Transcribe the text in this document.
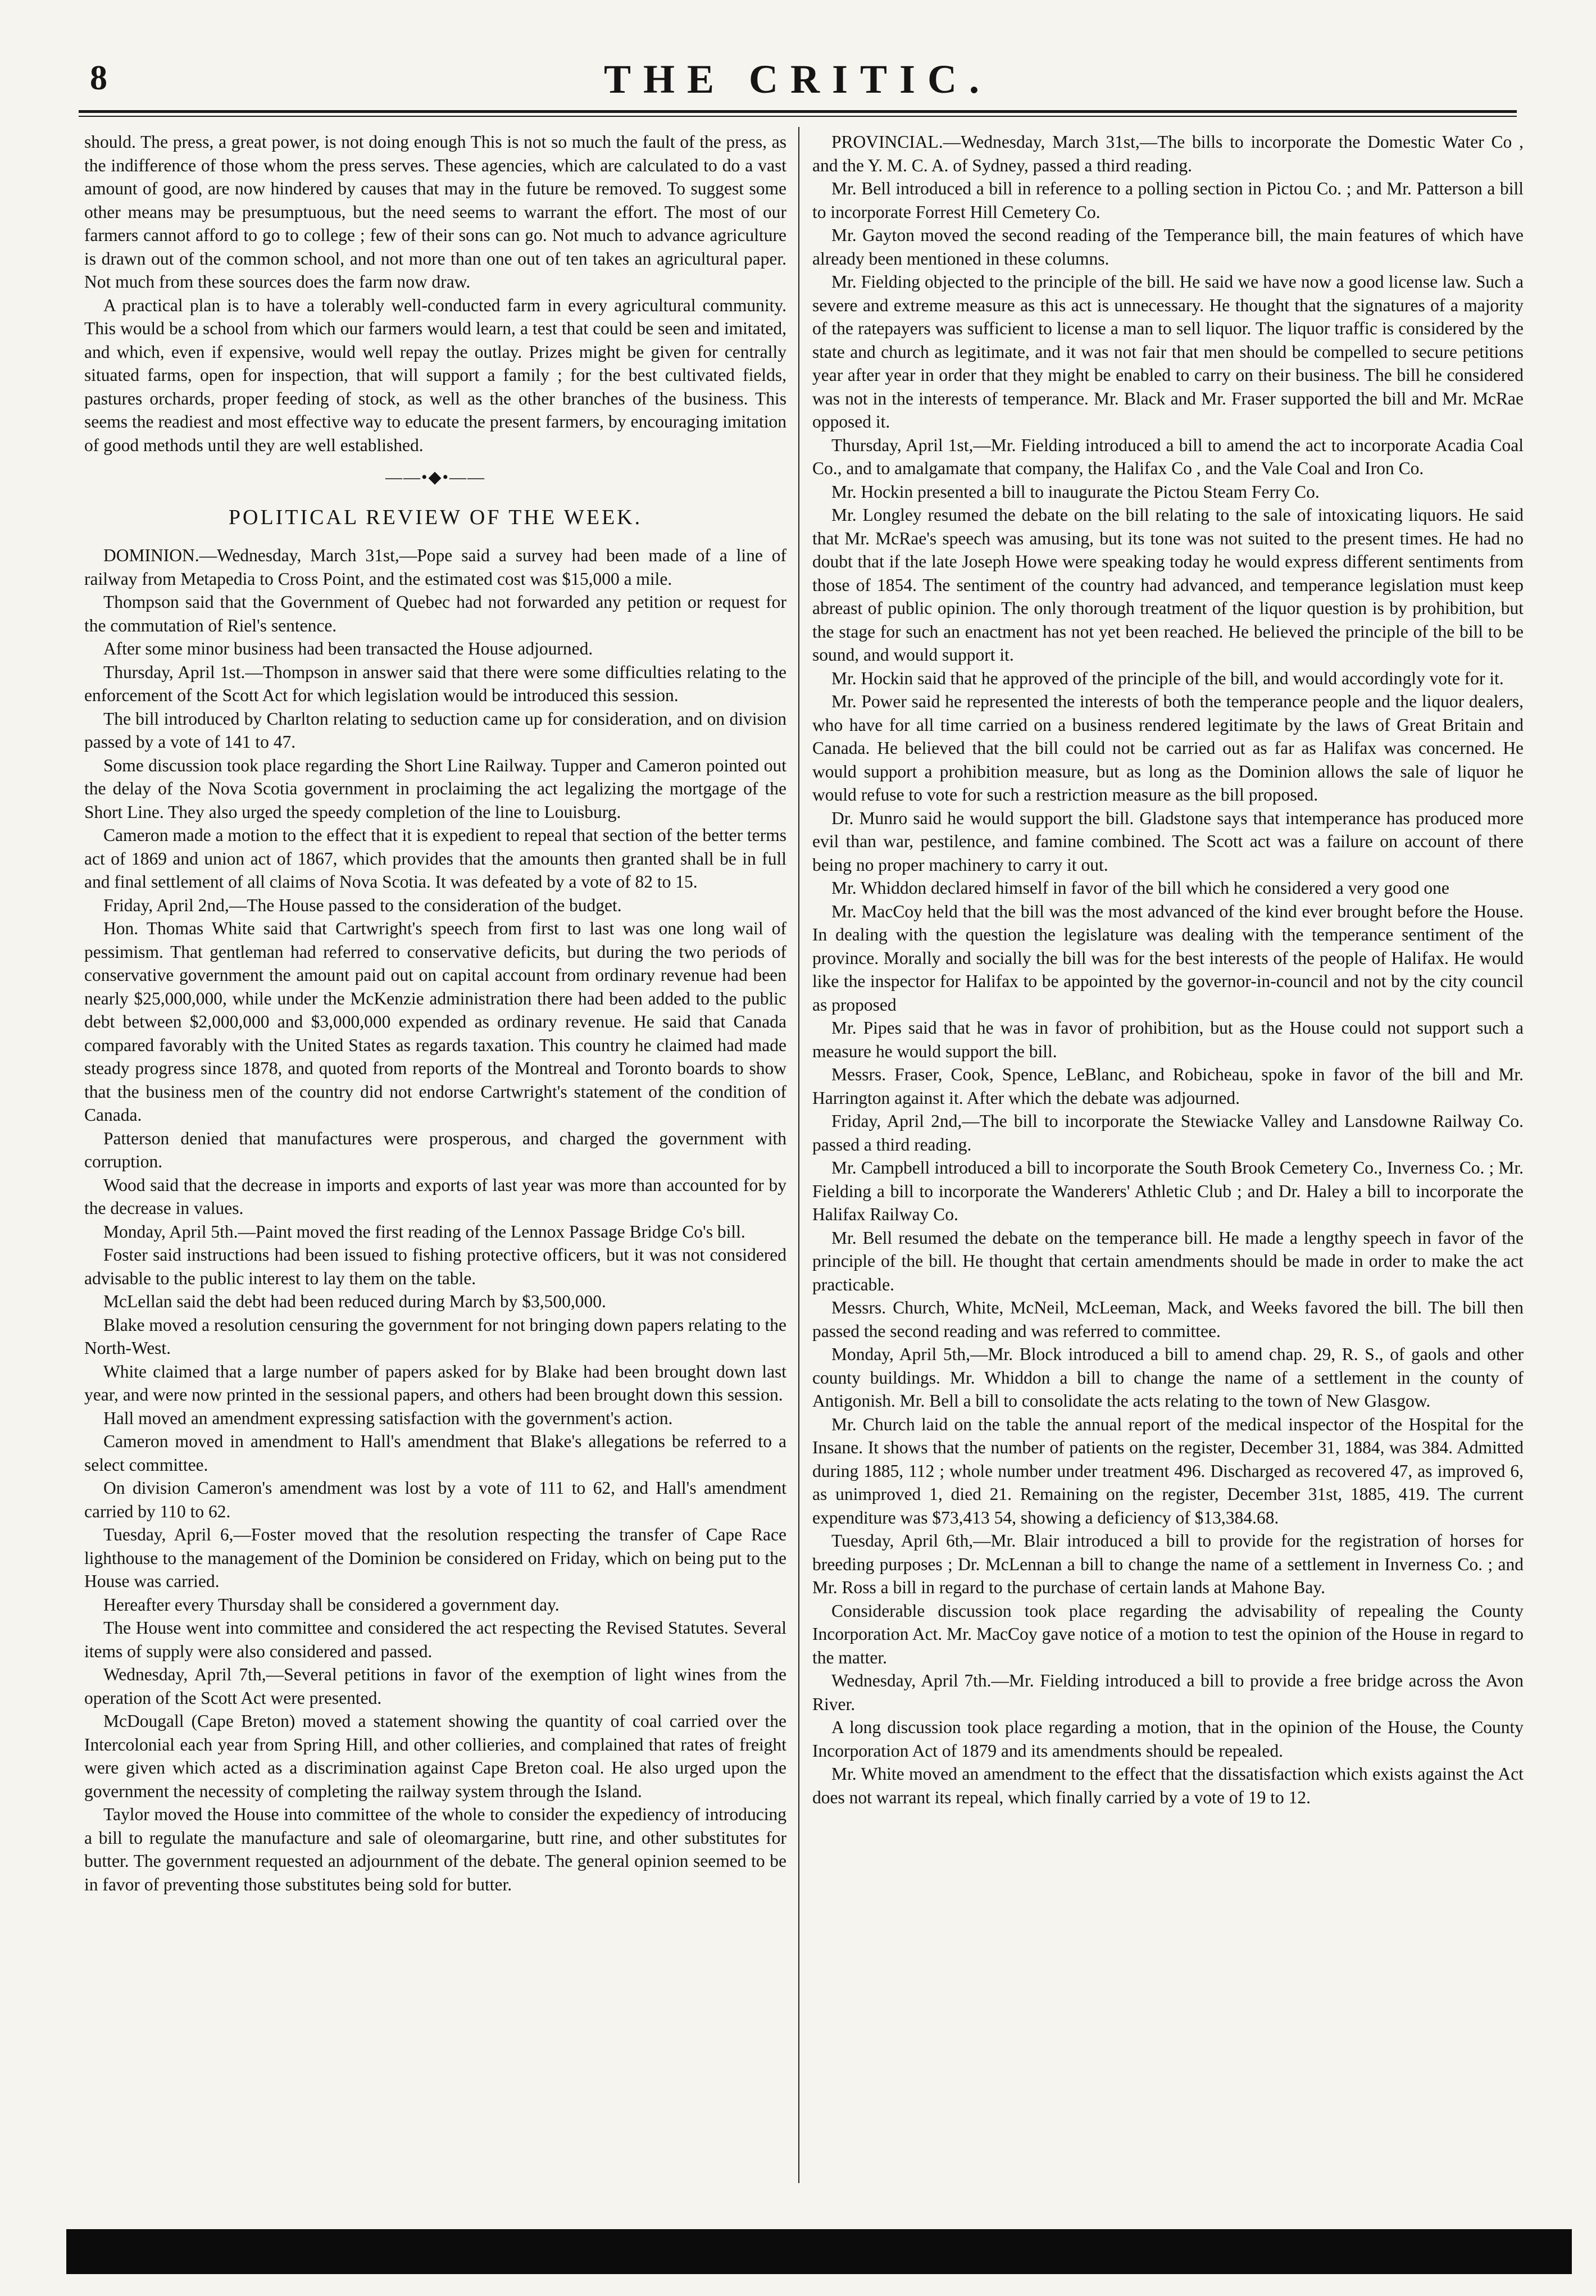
8	THE CRITIC.

should. The press, a great power, is not doing enough This is not so much the fault of the press, as the indifference of those whom the press serves. These agencies, which are calculated to do a vast amount of good, are now hindered by causes that may in the future be removed. To suggest some other means may be presumptuous, but the need seems to warrant the effort. The most of our farmers cannot afford to go to college ; few of their sons can go. Not much to advance agriculture is drawn out of the common school, and not more than one out of ten takes an agricultural paper. Not much from these sources does the farm now draw.

A practical plan is to have a tolerably well-conducted farm in every agricultural community. This would be a school from which our farmers would learn, a test that could be seen and imitated, and which, even if expensive, would well repay the outlay. Prizes might be given for centrally situated farms, open for inspection, that will support a family ; for the best cultivated fields, pastures orchards, proper feeding of stock, as well as the other branches of the business. This seems the readiest and most effective way to educate the present farmers, by encouraging imitation of good methods until they are well established.

——•◆•——
POLITICAL REVIEW OF THE WEEK.

DOMINION.—Wednesday, March 31st,—Pope said a survey had been made of a line of railway from Metapedia to Cross Point, and the estimated cost was $15,000 a mile.

Thompson said that the Government of Quebec had not forwarded any petition or request for the commutation of Riel's sentence.

After some minor business had been transacted the House adjourned.

Thursday, April 1st.—Thompson in answer said that there were some difficulties relating to the enforcement of the Scott Act for which legislation would be introduced this session.

The bill introduced by Charlton relating to seduction came up for consideration, and on division passed by a vote of 141 to 47.

Some discussion took place regarding the Short Line Railway. Tupper and Cameron pointed out the delay of the Nova Scotia government in proclaiming the act legalizing the mortgage of the Short Line. They also urged the speedy completion of the line to Louisburg.

Cameron made a motion to the effect that it is expedient to repeal that section of the better terms act of 1869 and union act of 1867, which provides that the amounts then granted shall be in full and final settlement of all claims of Nova Scotia. It was defeated by a vote of 82 to 15.

Friday, April 2nd,—The House passed to the consideration of the budget.

Hon. Thomas White said that Cartwright's speech from first to last was one long wail of pessimism. That gentleman had referred to conservative deficits, but during the two periods of conservative government the amount paid out on capital account from ordinary revenue had been nearly $25,000,000, while under the McKenzie administration there had been added to the public debt between $2,000,000 and $3,000,000 expended as ordinary revenue. He said that Canada compared favorably with the United States as regards taxation. This country he claimed had made steady progress since 1878, and quoted from reports of the Montreal and Toronto boards to show that the business men of the country did not endorse Cartwright's statement of the condition of Canada.

Patterson denied that manufactures were prosperous, and charged the government with corruption.

Wood said that the decrease in imports and exports of last year was more than accounted for by the decrease in values.

Monday, April 5th.—Paint moved the first reading of the Lennox Passage Bridge Co's bill.

Foster said instructions had been issued to fishing protective officers, but it was not considered advisable to the public interest to lay them on the table.

McLellan said the debt had been reduced during March by $3,500,000.

Blake moved a resolution censuring the government for not bringing down papers relating to the North-West.

White claimed that a large number of papers asked for by Blake had been brought down last year, and were now printed in the sessional papers, and others had been brought down this session.

Hall moved an amendment expressing satisfaction with the government's action.

Cameron moved in amendment to Hall's amendment that Blake's allegations be referred to a select committee.

On division Cameron's amendment was lost by a vote of 111 to 62, and Hall's amendment carried by 110 to 62.

Tuesday, April 6,—Foster moved that the resolution respecting the transfer of Cape Race lighthouse to the management of the Dominion be considered on Friday, which on being put to the House was carried.

Hereafter every Thursday shall be considered a government day.

The House went into committee and considered the act respecting the Revised Statutes. Several items of supply were also considered and passed.

Wednesday, April 7th,—Several petitions in favor of the exemption of light wines from the operation of the Scott Act were presented.

McDougall (Cape Breton) moved a statement showing the quantity of coal carried over the Intercolonial each year from Spring Hill, and other collieries, and complained that rates of freight were given which acted as a discrimination against Cape Breton coal. He also urged upon the government the necessity of completing the railway system through the Island.

Taylor moved the House into committee of the whole to consider the expediency of introducing a bill to regulate the manufacture and sale of oleomargarine, butt rine, and other substitutes for butter. The government requested an adjournment of the debate. The general opinion seemed to be in favor of preventing those substitutes being sold for butter.

PROVINCIAL.—Wednesday, March 31st,—The bills to incorporate the Domestic Water Co , and the Y. M. C. A. of Sydney, passed a third reading.

Mr. Bell introduced a bill in reference to a polling section in Pictou Co. ; and Mr. Patterson a bill to incorporate Forrest Hill Cemetery Co.

Mr. Gayton moved the second reading of the Temperance bill, the main features of which have already been mentioned in these columns.

Mr. Fielding objected to the principle of the bill. He said we have now a good license law. Such a severe and extreme measure as this act is unnecessary. He thought that the signatures of a majority of the ratepayers was sufficient to license a man to sell liquor. The liquor traffic is considered by the state and church as legitimate, and it was not fair that men should be compelled to secure petitions year after year in order that they might be enabled to carry on their business. The bill he considered was not in the interests of temperance. Mr. Black and Mr. Fraser supported the bill and Mr. McRae opposed it.

Thursday, April 1st,—Mr. Fielding introduced a bill to amend the act to incorporate Acadia Coal Co., and to amalgamate that company, the Halifax Co , and the Vale Coal and Iron Co.

Mr. Hockin presented a bill to inaugurate the Pictou Steam Ferry Co.

Mr. Longley resumed the debate on the bill relating to the sale of intoxicating liquors. He said that Mr. McRae's speech was amusing, but its tone was not suited to the present times. He had no doubt that if the late Joseph Howe were speaking today he would express different sentiments from those of 1854. The sentiment of the country had advanced, and temperance legislation must keep abreast of public opinion. The only thorough treatment of the liquor question is by prohibition, but the stage for such an enactment has not yet been reached. He believed the principle of the bill to be sound, and would support it.

Mr. Hockin said that he approved of the principle of the bill, and would accordingly vote for it.

Mr. Power said he represented the interests of both the temperance people and the liquor dealers, who have for all time carried on a business rendered legitimate by the laws of Great Britain and Canada. He believed that the bill could not be carried out as far as Halifax was concerned. He would support a prohibition measure, but as long as the Dominion allows the sale of liquor he would refuse to vote for such a restriction measure as the bill proposed.

Dr. Munro said he would support the bill. Gladstone says that intemperance has produced more evil than war, pestilence, and famine combined. The Scott act was a failure on account of there being no proper machinery to carry it out.

Mr. Whiddon declared himself in favor of the bill which he considered a very good one

Mr. MacCoy held that the bill was the most advanced of the kind ever brought before the House. In dealing with the question the legislature was dealing with the temperance sentiment of the province. Morally and socially the bill was for the best interests of the people of Halifax. He would like the inspector for Halifax to be appointed by the governor-in-council and not by the city council as proposed

Mr. Pipes said that he was in favor of prohibition, but as the House could not support such a measure he would support the bill.

Messrs. Fraser, Cook, Spence, LeBlanc, and Robicheau, spoke in favor of the bill and Mr. Harrington against it. After which the debate was adjourned.

Friday, April 2nd,—The bill to incorporate the Stewiacke Valley and Lansdowne Railway Co. passed a third reading.

Mr. Campbell introduced a bill to incorporate the South Brook Cemetery Co., Inverness Co. ; Mr. Fielding a bill to incorporate the Wanderers' Athletic Club ; and Dr. Haley a bill to incorporate the Halifax Railway Co.

Mr. Bell resumed the debate on the temperance bill. He made a lengthy speech in favor of the principle of the bill. He thought that certain amendments should be made in order to make the act practicable.

Messrs. Church, White, McNeil, McLeeman, Mack, and Weeks favored the bill. The bill then passed the second reading and was referred to committee.

Monday, April 5th,—Mr. Block introduced a bill to amend chap. 29, R. S., of gaols and other county buildings. Mr. Whiddon a bill to change the name of a settlement in the county of Antigonish. Mr. Bell a bill to consolidate the acts relating to the town of New Glasgow.

Mr. Church laid on the table the annual report of the medical inspector of the Hospital for the Insane. It shows that the number of patients on the register, December 31, 1884, was 384. Admitted during 1885, 112 ; whole number under treatment 496. Discharged as recovered 47, as improved 6, as unimproved 1, died 21. Remaining on the register, December 31st, 1885, 419. The current expenditure was $73,413 54, showing a deficiency of $13,384.68.

Tuesday, April 6th,—Mr. Blair introduced a bill to provide for the registration of horses for breeding purposes ; Dr. McLennan a bill to change the name of a settlement in Inverness Co. ; and Mr. Ross a bill in regard to the purchase of certain lands at Mahone Bay.

Considerable discussion took place regarding the advisability of repealing the County Incorporation Act. Mr. MacCoy gave notice of a motion to test the opinion of the House in regard to the matter.

Wednesday, April 7th.—Mr. Fielding introduced a bill to provide a free bridge across the Avon River.

A long discussion took place regarding a motion, that in the opinion of the House, the County Incorporation Act of 1879 and its amendments should be repealed.

Mr. White moved an amendment to the effect that the dissatisfaction which exists against the Act does not warrant its repeal, which finally carried by a vote of 19 to 12.
